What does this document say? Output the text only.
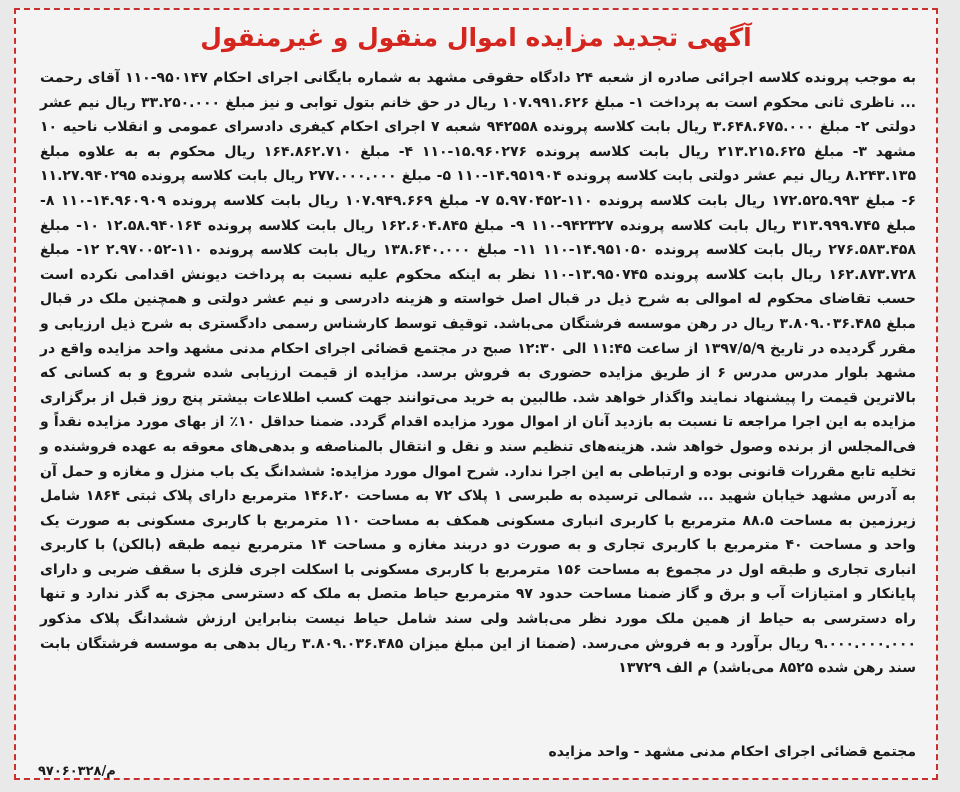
آگهی تجدید مزایده اموال منقول و غیرمنقول
به موجب پرونده کلاسه اجرائی صادره از شعبه ۲۴ دادگاه حقوقی مشهد به شماره بایگانی اجرای احکام ۹۵۰۱۴۷-۱۱۰ آقای رحمت ... ناظری ثانی محکوم است به پرداخت ۱- مبلغ ۱۰۷.۹۹۱.۶۲۶ ریال در حق خانم بتول توابی و نیز مبلغ ۳۳.۲۵۰.۰۰۰ ریال نیم عشر دولتی ۲- مبلغ ۳.۶۴۸.۶۷۵.۰۰۰ ریال بابت کلاسه پرونده ۹۴۲۵۵۸ شعبه ۷ اجرای احکام کیفری دادسرای عمومی و انقلاب ناحیه ۱۰ مشهد ۳- مبلغ ۲۱۳.۲۱۵.۶۲۵ ریال بابت کلاسه پرونده ۱۵.۹۶۰۲۷۶-۱۱۰ ۴- مبلغ ۱۶۴.۸۶۲.۷۱۰ ریال محکوم به به علاوه مبلغ ۸.۲۴۳.۱۳۵ ریال نیم عشر دولتی بابت کلاسه پرونده ۱۴.۹۵۱۹۰۴-۱۱۰ ۵- مبلغ ۲۷۷.۰۰۰.۰۰۰ ریال بابت کلاسه پرونده ۱۱.۲۷.۹۴۰۲۹۵ ۶- مبلغ ۱۷۲.۵۲۵.۹۹۳ ریال بابت کلاسه پرونده ۱۱۰-۵.۹۷۰۴۵۲ ۷- مبلغ ۱۰۷.۹۴۹.۶۶۹ ریال بابت کلاسه پرونده ۱۴.۹۶۰۹۰۹-۱۱۰ ۸- مبلغ ۳۱۳.۹۹۹.۷۴۵ ریال بابت کلاسه پرونده ۹۴۲۳۲۷-۱۱۰ ۹- مبلغ ۱۶۲.۶۰۴.۸۴۵ ریال بابت کلاسه پرونده ۱۲.۵۸.۹۴۰۱۶۴ ۱۰- مبلغ ۲۷۶.۵۸۳.۴۵۸ ریال بابت کلاسه پرونده ۱۴.۹۵۱۰۵۰-۱۱۰ ۱۱- مبلغ ۱۳۸.۶۴۰.۰۰۰ ریال بابت کلاسه پرونده ۱۱۰-۲.۹۷۰۰۵۲ ۱۲- مبلغ ۱۶۲.۸۷۳.۷۲۸ ریال بابت کلاسه پرونده ۱۳.۹۵۰۷۴۵-۱۱۰ نظر به اینکه محکوم علیه نسبت به پرداخت دیونش اقدامی نکرده است حسب تقاضای محکوم له اموالی به شرح ذیل در قبال اصل خواسته و هزینه دادرسی و نیم عشر دولتی و همچنین ملک در قبال مبلغ ۳.۸۰۹.۰۳۶.۴۸۵ ریال در رهن موسسه فرشتگان می‌باشد. توقیف توسط کارشناس رسمی دادگستری به شرح ذیل ارزیابی و مقرر گردیده در تاریخ ۱۳۹۷/۵/۹ از ساعت ۱۱:۴۵ الی ۱۲:۳۰ صبح در مجتمع قضائی اجرای احکام مدنی مشهد واحد مزایده واقع در مشهد بلوار مدرس مدرس ۶ از طریق مزایده حضوری به فروش برسد. مزایده از قیمت ارزیابی شده شروع و به کسانی که بالاترین قیمت را پیشنهاد نمایند واگذار خواهد شد. طالبین به خرید می‌توانند جهت کسب اطلاعات بیشتر پنج روز قبل از برگزاری مزایده به این اجرا مراجعه تا نسبت به بازدید آنان از اموال مورد مزایده اقدام گردد. ضمنا حداقل ۱۰٪ از بهای مورد مزایده نقداً و فی‌المجلس از برنده وصول خواهد شد. هزینه‌های تنظیم سند و نقل و انتقال بالمناصفه و بدهی‌های معوقه به عهده فروشنده و تخلیه تابع مقررات قانونی بوده و ارتباطی به این اجرا ندارد. شرح اموال مورد مزایده: ششدانگ یک باب منزل و مغازه و حمل آن به آدرس مشهد خیابان شهید ... شمالی ترسیده به طبرسی ۱ پلاک ۷۲ به مساحت ۱۴۶.۲۰ مترمربع دارای پلاک ثبتی ۱۸۶۴ شامل زیرزمین به مساحت ۸۸.۵ مترمربع با کاربری انباری مسکونی همکف به مساحت ۱۱۰ مترمربع با کاربری مسکونی به صورت یک واحد و مساحت ۴۰ مترمربع با کاربری تجاری و به صورت دو دربند مغازه و مساحت ۱۴ مترمربع نیمه طبقه (بالکن) با کاربری انباری تجاری و طبقه اول در مجموع به مساحت ۱۵۶ مترمربع با کاربری مسکونی با اسکلت اجری فلزی با سقف ضربی و دارای پایانکار و امتیازات آب و برق و گاز ضمنا مساحت حدود ۹۷ مترمربع حیاط متصل به ملک که دسترسی مجزی به گذر ندارد و تنها راه دسترسی به حیاط از همین ملک مورد نظر می‌باشد ولی سند شامل حیاط نیست بنابراین ارزش ششدانگ پلاک مذکور ۹.۰۰۰.۰۰۰.۰۰۰ ریال برآورد و به فروش می‌رسد. (ضمنا از این مبلغ میزان ۳.۸۰۹.۰۳۶.۴۸۵ ریال بدهی به موسسه فرشتگان بابت سند رهن شده ۸۵۲۵ می‌باشد) م الف ۱۳۷۲۹
مجتمع قضائی اجرای احکام مدنی مشهد - واحد مزایده
۹۷۰۶۰۳۲۸/م
